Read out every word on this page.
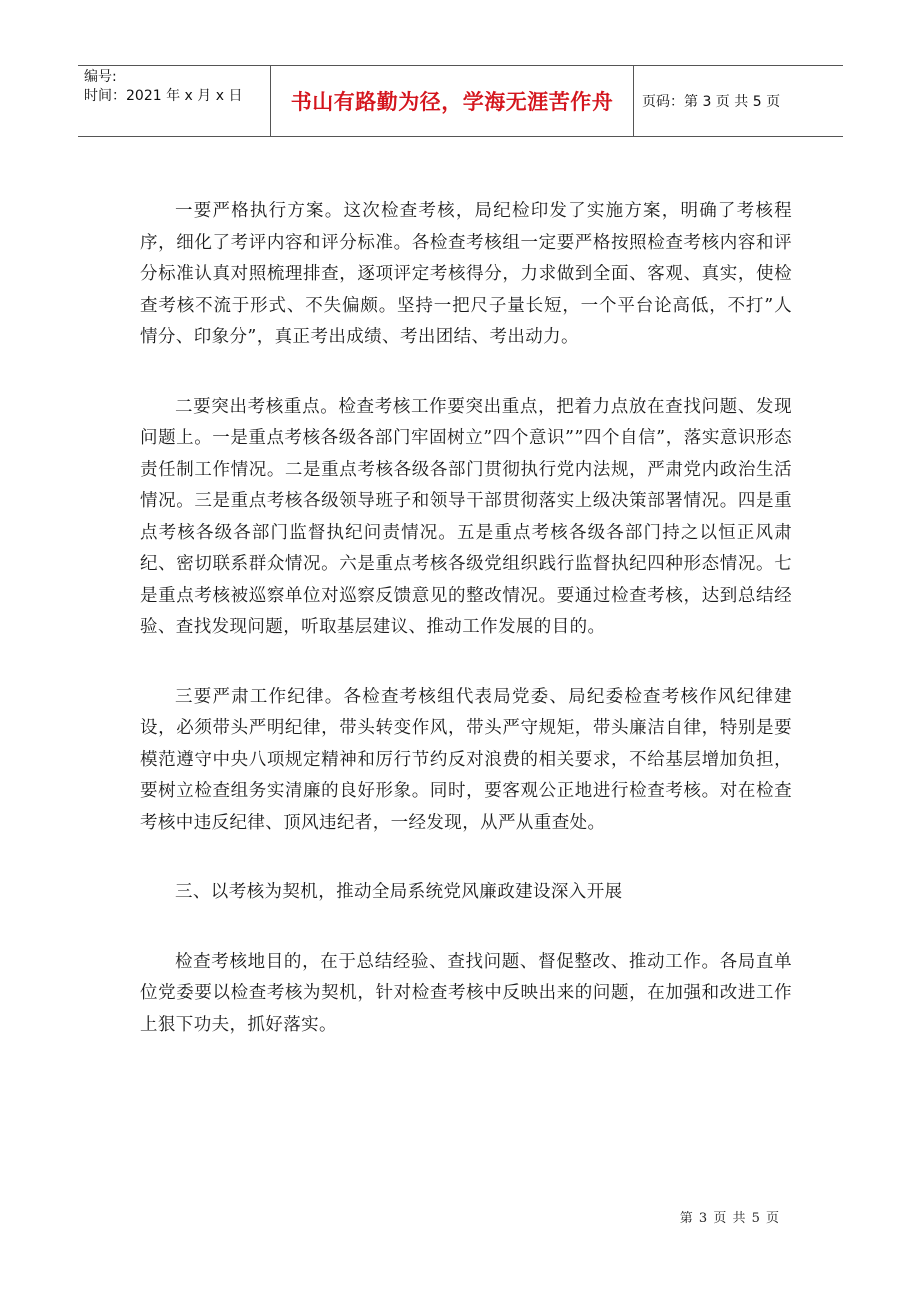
编号:
时间：2021 年 x 月 x 日	书山有路勤为径，学海无涯苦作舟	页码：第 3 页 共 5 页

一要严格执行方案。这次检查考核，局纪检印发了实施方案，明确了考核程序，细化了考评内容和评分标准。各检查考核组一定要严格按照检查考核内容和评分标准认真对照梳理排查，逐项评定考核得分，力求做到全面、客观、真实，使检查考核不流于形式、不失偏颇。坚持一把尺子量长短，一个平台论高低，不打”人情分、印象分”，真正考出成绩、考出团结、考出动力。

二要突出考核重点。检查考核工作要突出重点，把着力点放在查找问题、发现问题上。一是重点考核各级各部门牢固树立”四个意识””四个自信”，落实意识形态责任制工作情况。二是重点考核各级各部门贯彻执行党内法规，严肃党内政治生活情况。三是重点考核各级领导班子和领导干部贯彻落实上级决策部署情况。四是重点考核各级各部门监督执纪问责情况。五是重点考核各级各部门持之以恒正风肃纪、密切联系群众情况。六是重点考核各级党组织践行监督执纪四种形态情况。七是重点考核被巡察单位对巡察反馈意见的整改情况。要通过检查考核，达到总结经验、查找发现问题，听取基层建议、推动工作发展的目的。

三要严肃工作纪律。各检查考核组代表局党委、局纪委检查考核作风纪律建设，必须带头严明纪律，带头转变作风，带头严守规矩，带头廉洁自律，特别是要模范遵守中央八项规定精神和厉行节约反对浪费的相关要求，不给基层增加负担，要树立检查组务实清廉的良好形象。同时，要客观公正地进行检查考核。对在检查考核中违反纪律、顶风违纪者，一经发现，从严从重查处。

三、以考核为契机，推动全局系统党风廉政建设深入开展

检查考核地目的，在于总结经验、查找问题、督促整改、推动工作。各局直单位党委要以检查考核为契机，针对检查考核中反映出来的问题，在加强和改进工作上狠下功夫，抓好落实。

第 3 页 共 5 页
